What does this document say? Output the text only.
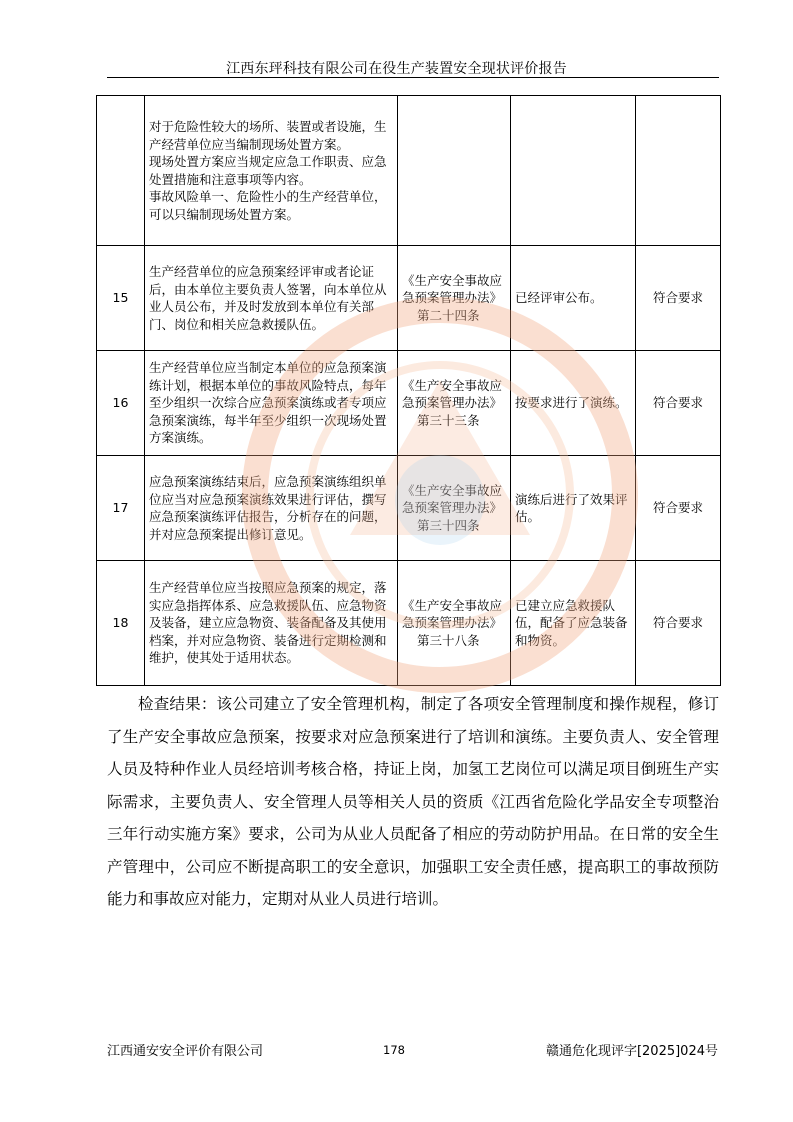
江西东玶科技有限公司在役生产装置安全现状评价报告

	对于危险性较大的场所、装置或者设施，生产经营单位应当编制现场处置方案。
现场处置方案应当规定应急工作职责、应急处置措施和注意事项等内容。
事故风险单一、危险性小的生产经营单位，可以只编制现场处置方案。			

15	生产经营单位的应急预案经评审或者论证后，由本单位主要负责人签署，向本单位从业人员公布，并及时发放到本单位有关部门、岗位和相关应急救援队伍。	《生产安全事故应急预案管理办法》
第二十四条	已经评审公布。	符合要求
16	生产经营单位应当制定本单位的应急预案演练计划，根据本单位的事故风险特点，每年至少组织一次综合应急预案演练或者专项应急预案演练，每半年至少组织一次现场处置方案演练。	《生产安全事故应急预案管理办法》
第三十三条	按要求进行了演练。	符合要求
17	应急预案演练结束后，应急预案演练组织单位应当对应急预案演练效果进行评估，撰写应急预案演练评估报告，分析存在的问题，并对应急预案提出修订意见。	《生产安全事故应急预案管理办法》
第三十四条	演练后进行了效果评估。	符合要求
18	生产经营单位应当按照应急预案的规定，落实应急指挥体系、应急救援队伍、应急物资及装备，建立应急物资、装备配备及其使用档案，并对应急物资、装备进行定期检测和维护，使其处于适用状态。	《生产安全事故应急预案管理办法》
第三十八条	已建立应急救援队伍，配备了应急装备和物资。	符合要求
检查结果：该公司建立了安全管理机构，制定了各项安全管理制度和操作规程，修订了生产安全事故应急预案，按要求对应急预案进行了培训和演练。主要负责人、安全管理人员及特种作业人员经培训考核合格，持证上岗，加氢工艺岗位可以满足项目倒班生产实际需求，主要负责人、安全管理人员等相关人员的资质《江西省危险化学品安全专项整治三年行动实施方案》要求，公司为从业人员配备了相应的劳动防护用品。在日常的安全生产管理中，公司应不断提高职工的安全意识，加强职工安全责任感，提高职工的事故预防能力和事故应对能力，定期对从业人员进行培训。
江西通安安全评价有限公司	178	赣通危化现评字[2025]024号
